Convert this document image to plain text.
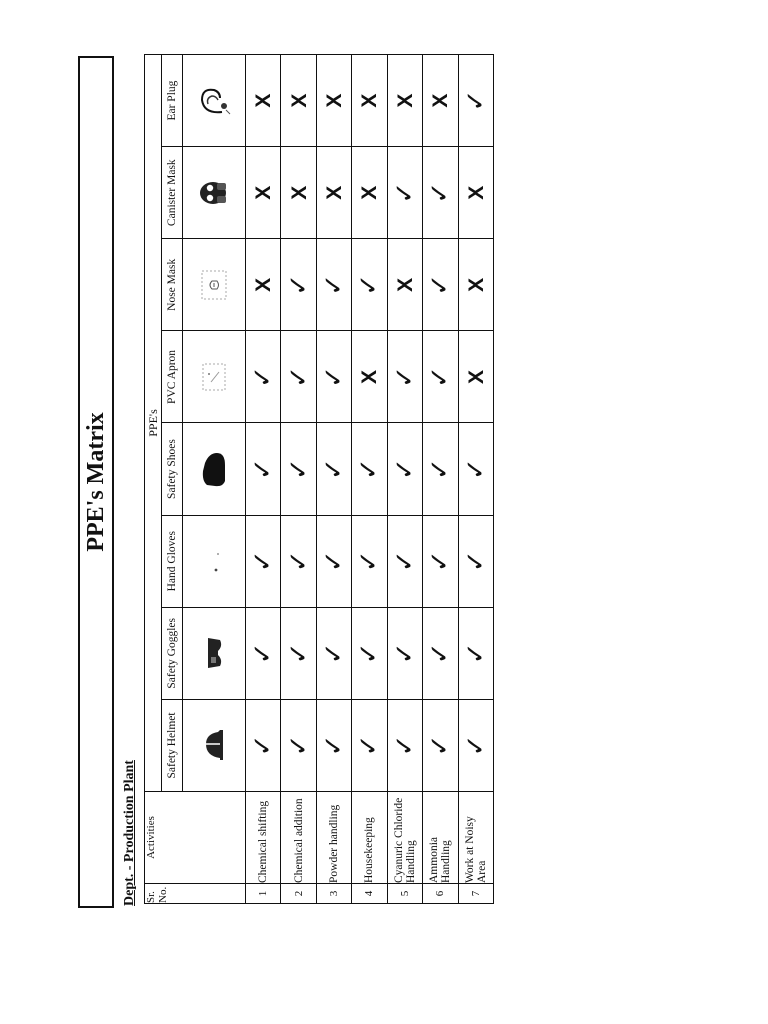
PPE's Matrix
Dept. - Production Plant Sr. No.	Activities	PPE's							
		Safety Helmet	Safety Goggles	Hand Gloves	Safety Shoes	PVC Apron	Nose Mask	Canister Mask	Ear Plug

1	Chemical shifting	✓	✓	✓	✓	✓	X	X	X
2	Chemical addition	✓	✓	✓	✓	✓	✓	X	X
3	Powder handling	✓	✓	✓	✓	✓	✓	X	X
4	Housekeeping	✓	✓	✓	✓	X	✓	X	X
5	Cyanuric Chloride Handling	✓	✓	✓	✓	✓	X	✓	X
6	Ammonia Handling	✓	✓	✓	✓	✓	✓	✓	X
7	Work at Noisy Area	✓	✓	✓	✓	X	X	X	✓
